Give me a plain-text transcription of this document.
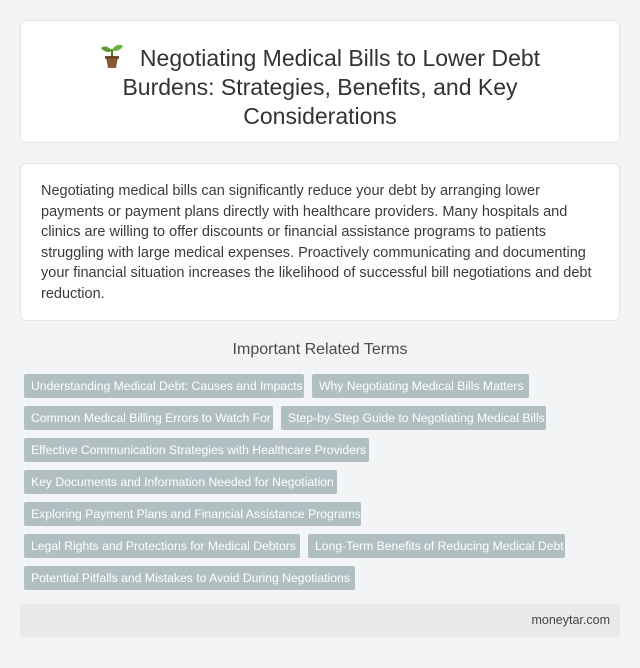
Negotiating Medical Bills to Lower Debt Burdens: Strategies, Benefits, and Key Considerations

Negotiating medical bills can significantly reduce your debt by arranging lower payments or payment plans directly with healthcare providers. Many hospitals and clinics are willing to offer discounts or financial assistance programs to patients struggling with large medical expenses. Proactively communicating and documenting your financial situation increases the likelihood of successful bill negotiations and debt reduction.

Important Related Terms
Understanding Medical Debt: Causes and Impacts	Why Negotiating Medical Bills Matters
Common Medical Billing Errors to Watch For	Step-by-Step Guide to Negotiating Medical Bills
Effective Communication Strategies with Healthcare Providers
Key Documents and Information Needed for Negotiation
Exploring Payment Plans and Financial Assistance Programs
Legal Rights and Protections for Medical Debtors	Long-Term Benefits of Reducing Medical Debt
Potential Pitfalls and Mistakes to Avoid During Negotiations
moneytar.com
